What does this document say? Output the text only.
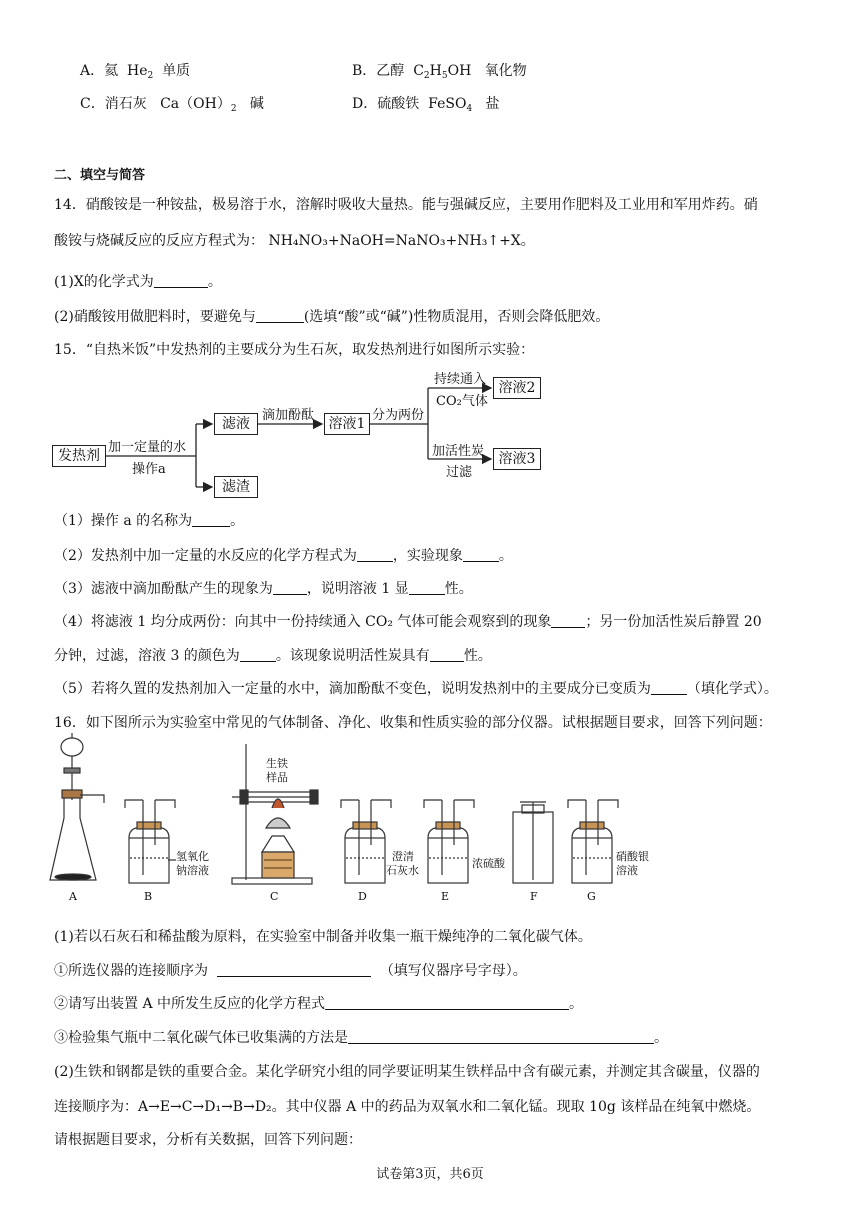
A．氦 $He_2$ 单质	B．乙醇 $C_2H_5OH$ 氧化物
C．消石灰 $Ca(OH)_2$ 碱	D．硫酸铁 FeSO$_4$ 盐
二、填空与简答
14．硝酸铵是一种铵盐，极易溶于水，溶解时吸收大量热。能与强碱反应，主要用作肥料及工业用和军用炸药。硝
酸铵与烧碱反应的反应方程式为： NH₄NO₃+NaOH=NaNO₃+NH₃↑+X。
(1)X的化学式为	。
(2)硝酸铵用做肥料时，要避免与	(选填“酸”或“碱”)性物质混用，否则会降低肥效。
15．“自热米饭”中发热剂的主要成分为生石灰，取发热剂进行如图所示实验：
发热剂
加一定量的水
操作a
滤液
滤渣
滴加酚酞
溶液1
分为两份
持续通入
CO₂气体
溶液2
加活性炭
过滤
溶液3
（1）操作 a 的名称为	。
（2）发热剂中加一定量的水反应的化学方程式为	，实验现象	。
（3）滤液中滴加酚酞产生的现象为 ，说明溶液 1 显	性。
（4）将滤液 1 均分成两份：向其中一份持续通入 CO₂ 气体可能会观察到的现象 ；另一份加活性炭后静置 20
分钟，过滤，溶液 3 的颜色为	。该现象说明活性炭具有 性。
（5）若将久置的发热剂加入一定量的水中，滴加酚酞不变色，说明发热剂中的主要成分已变质为	（填化学式）。
16．如下图所示为实验室中常见的气体制备、净化、收集和性质实验的部分仪器。试根据题目要求，回答下列问题：
A	B	C	D	E	F	G
氢氧化
钠溶液
生铁
样品
澄清
石灰水
浓硫酸
硝酸银
溶液
(1)若以石灰石和稀盐酸为原料，在实验室中制备并收集一瓶干燥纯净的二氧化碳气体。
①所选仪器的连接顺序为	（填写仪器序号字母）。
②请写出装置 A 中所发生反应的化学方程式	。
③检验集气瓶中二氧化碳气体已收集满的方法是	。
(2)生铁和钢都是铁的重要合金。某化学研究小组的同学要证明某生铁样品中含有碳元素，并测定其含碳量，仪器的
连接顺序为：A→E→C→D₁→B→D₂。其中仪器 A 中的药品为双氧水和二氧化锰。现取 10g 该样品在纯氧中燃烧。
请根据题目要求，分析有关数据，回答下列问题：
试卷第3页，共6页
